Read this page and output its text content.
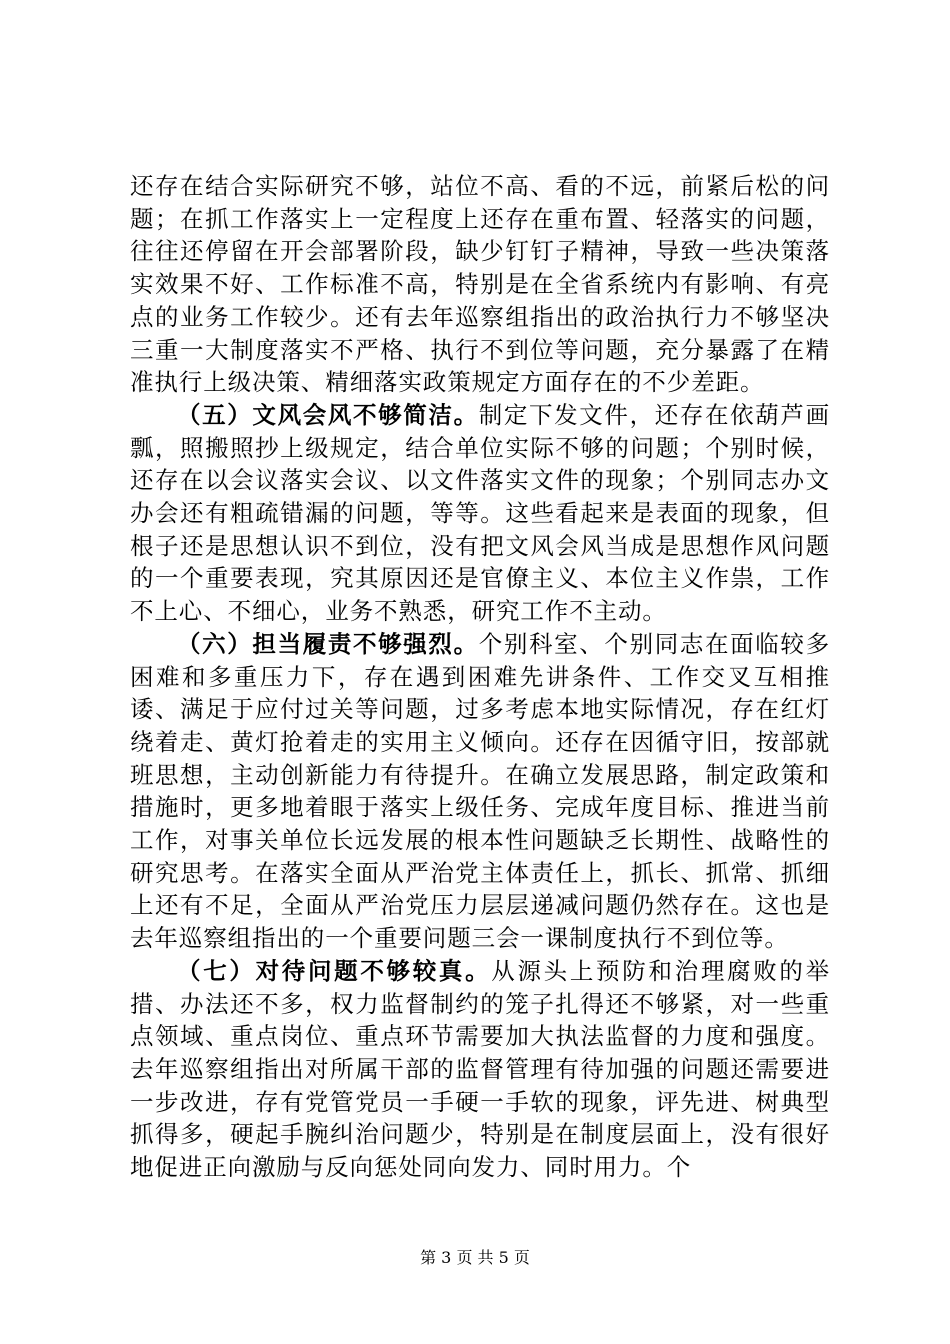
还存在结合实际研究不够，站位不高、看的不远，前紧后松的问题；在抓工作落实上一定程度上还存在重布置、轻落实的问题，往往还停留在开会部署阶段，缺少钉钉子精神，导致一些决策落实效果不好、工作标准不高，特别是在全省系统内有影响、有亮点的业务工作较少。还有去年巡察组指出的政治执行力不够坚决三重一大制度落实不严格、执行不到位等问题，充分暴露了在精准执行上级决策、精细落实政策规定方面存在的不少差距。

（五）文风会风不够简洁。制定下发文件，还存在依葫芦画瓢，照搬照抄上级规定，结合单位实际不够的问题；个别时候，还存在以会议落实会议、以文件落实文件的现象；个别同志办文办会还有粗疏错漏的问题，等等。这些看起来是表面的现象，但根子还是思想认识不到位，没有把文风会风当成是思想作风问题的一个重要表现，究其原因还是官僚主义、本位主义作祟，工作不上心、不细心，业务不熟悉，研究工作不主动。

（六）担当履责不够强烈。个别科室、个别同志在面临较多困难和多重压力下，存在遇到困难先讲条件、工作交叉互相推诿、满足于应付过关等问题，过多考虑本地实际情况，存在红灯绕着走、黄灯抢着走的实用主义倾向。还存在因循守旧，按部就班思想，主动创新能力有待提升。在确立发展思路，制定政策和措施时，更多地着眼于落实上级任务、完成年度目标、推进当前工作，对事关单位长远发展的根本性问题缺乏长期性、战略性的研究思考。在落实全面从严治党主体责任上，抓长、抓常、抓细上还有不足，全面从严治党压力层层递减问题仍然存在。这也是去年巡察组指出的一个重要问题三会一课制度执行不到位等。

（七）对待问题不够较真。从源头上预防和治理腐败的举措、办法还不多，权力监督制约的笼子扎得还不够紧，对一些重点领域、重点岗位、重点环节需要加大执法监督的力度和强度。去年巡察组指出对所属干部的监督管理有待加强的问题还需要进一步改进，存有党管党员一手硬一手软的现象，评先进、树典型抓得多，硬起手腕纠治问题少，特别是在制度层面上，没有很好地促进正向激励与反向惩处同向发力、同时用力。个

第 3 页 共 5 页
